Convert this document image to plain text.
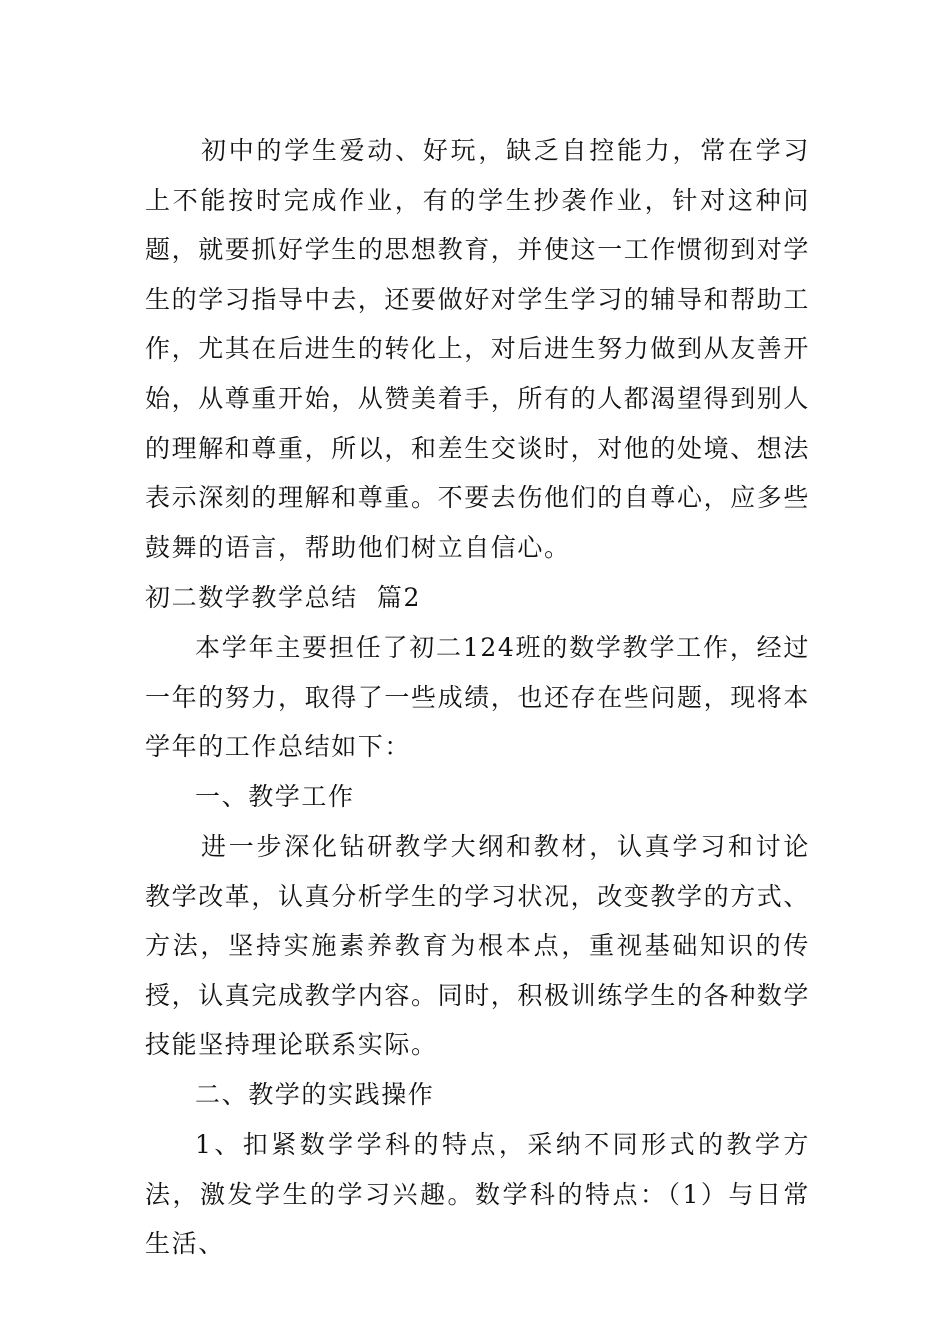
初中的学生爱动、好玩，缺乏自控能力，常在学习上不能按时完成作业，有的学生抄袭作业，针对这种问题，就要抓好学生的思想教育，并使这一工作惯彻到对学生的学习指导中去，还要做好对学生学习的辅导和帮助工作，尤其在后进生的转化上，对后进生努力做到从友善开始，从尊重开始，从赞美着手，所有的人都渴望得到别人的理解和尊重，所以，和差生交谈时，对他的处境、想法表示深刻的理解和尊重。不要去伤他们的自尊心，应多些鼓舞的语言，帮助他们树立自信心。

初二数学教学总结  篇2

本学年主要担任了初二124班的数学教学工作，经过一年的努力，取得了一些成绩，也还存在些问题，现将本学年的工作总结如下：

一、教学工作

进一步深化钻研教学大纲和教材，认真学习和讨论教学改革，认真分析学生的学习状况，改变教学的方式、方法，坚持实施素养教育为根本点，重视基础知识的传授，认真完成教学内容。同时，积极训练学生的各种数学技能坚持理论联系实际。

二、教学的实践操作

1、扣紧数学学科的特点，采纳不同形式的教学方法，激发学生的学习兴趣。数学科的特点：（1）与日常生活、
